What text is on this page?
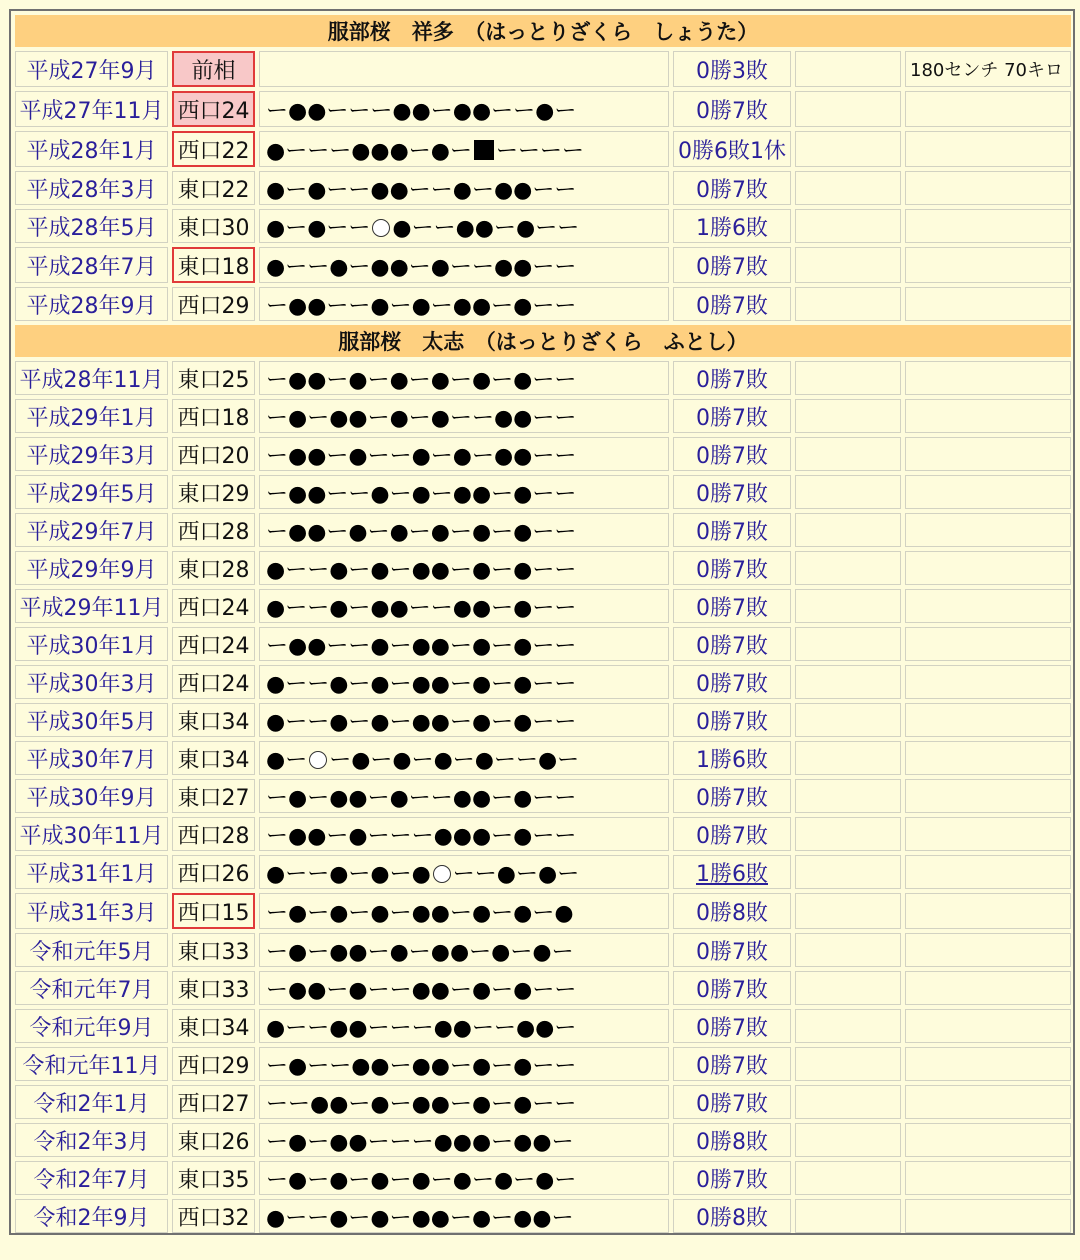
服部桜　祥多　（はっとりざくら　しょうた）					
平成27年9月	前相		0勝3敗		180センチ 70キロ
平成27年11月	西口24	ー●●ーーー●●ー●●ーー●ー	0勝7敗		
平成28年1月	西口22	●ーーー●●●ー●ー ーーーー	0勝6敗1休		
平成28年3月	東口22	●ー●ーー●●ーー●ー●●ーー	0勝7敗		
平成28年5月	東口30	●ー●ーー ●ーー●●ー●ーー	1勝6敗		
平成28年7月	東口18	●ーー●ー●●ー●ーー●●ーー	0勝7敗		
平成28年9月	西口29	ー●●ーー●ー●ー●●ー●ーー	0勝7敗		
服部桜　太志　（はっとりざくら　ふとし）					
平成28年11月	東口25	ー●●ー●ー●ー●ー●ー●ーー	0勝7敗		
平成29年1月	西口18	ー●ー●●ー●ー●ーー●●ーー	0勝7敗		
平成29年3月	西口20	ー●●ー●ーー●ー●ー●●ーー	0勝7敗		
平成29年5月	東口29	ー●●ーー●ー●ー●●ー●ーー	0勝7敗		
平成29年7月	西口28	ー●●ー●ー●ー●ー●ー●ーー	0勝7敗		
平成29年9月	東口28	●ーー●ー●ー●●ー●ー●ーー	0勝7敗		
平成29年11月	西口24	●ーー●ー●●ーー●●ー●ーー	0勝7敗		
平成30年1月	西口24	ー●●ーー●ー●●ー●ー●ーー	0勝7敗		
平成30年3月	西口24	●ーー●ー●ー●●ー●ー●ーー	0勝7敗		
平成30年5月	東口34	●ーー●ー●ー●●ー●ー●ーー	0勝7敗		
平成30年7月	東口34	●ー ー●ー●ー●ー●ーー●ー	1勝6敗		
平成30年9月	東口27	ー●ー●●ー●ーー●●ー●ーー	0勝7敗		
平成30年11月	西口28	ー●●ー●ーーー●●●ー●ーー	0勝7敗		
平成31年1月	西口26	●ーー●ー●ー● ーー●ー●ー	1勝6敗		
平成31年3月	西口15	ー●ー●ー●ー●●ー●ー●ー●	0勝8敗		
令和元年5月	東口33	ー●ー●●ー●ー●●ー●ー●ー	0勝7敗		
令和元年7月	東口33	ー●●ー●ーー●●ー●ー●ーー	0勝7敗		
令和元年9月	東口34	●ーー●●ーーー●●ーー●●ー	0勝7敗		
令和元年11月	西口29	ー●ーー●●ー●●ー●ー●ーー	0勝7敗		
令和2年1月	西口27	ーー●●ー●ー●●ー●ー●ーー	0勝7敗		
令和2年3月	東口26	ー●ー●●ーーー●●●ー●●ー	0勝8敗		
令和2年7月	東口35	ー●ー●ー●ー●ー●ー●ー●ー	0勝7敗		
令和2年9月	西口32	●ーー●ー●ー●●ー●ー●●ー	0勝8敗		
